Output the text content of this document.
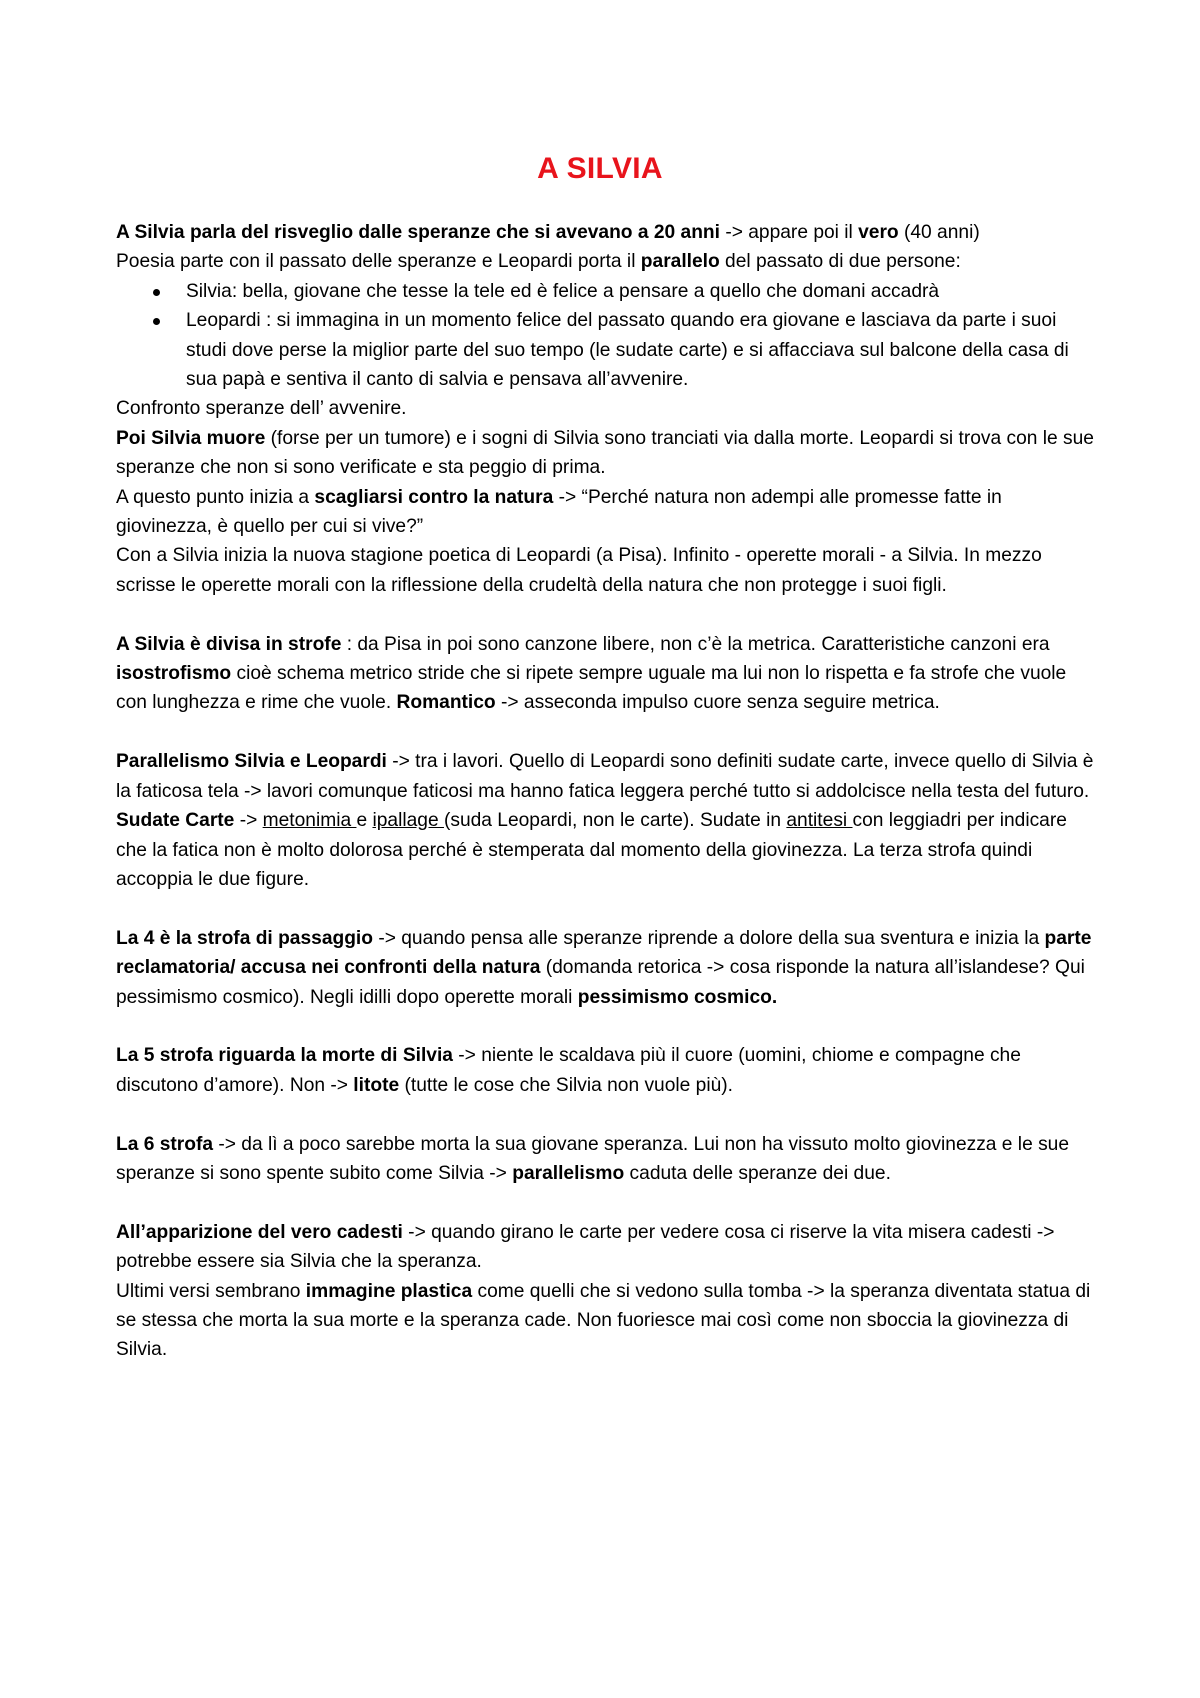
A SILVIA

A Silvia parla del risveglio dalle speranze che si avevano a 20 anni -> appare poi il vero (40 anni)

Poesia parte con il passato delle speranze e Leopardi porta il parallelo del passato di due persone:

Silvia: bella, giovane che tesse la tele ed è felice a pensare a quello che domani accadrà
Leopardi : si immagina in un momento felice del passato quando era giovane e lasciava da parte i suoi studi dove perse la miglior parte del suo tempo (le sudate carte) e si affacciava sul balcone della casa di sua papà e sentiva il canto di salvia e pensava all’avvenire.

Confronto speranze dell’ avvenire.

Poi Silvia muore (forse per un tumore) e i sogni di Silvia sono tranciati via dalla morte. Leopardi si trova con le sue speranze che non si sono verificate e sta peggio di prima.

A questo punto inizia a scagliarsi contro la natura -> “Perché natura non adempi alle promesse fatte in giovinezza, è quello per cui si vive?”

Con a Silvia inizia la nuova stagione poetica di Leopardi (a Pisa). Infinito - operette morali - a Silvia. In mezzo scrisse le operette morali con la riflessione della crudeltà della natura che non protegge i suoi figli.

A Silvia è divisa in strofe : da Pisa in poi sono canzone libere, non c’è la metrica. Caratteristiche canzoni era isostrofismo cioè schema metrico stride che si ripete sempre uguale ma lui non lo rispetta e fa strofe che vuole con lunghezza e rime che vuole. Romantico -> asseconda impulso cuore senza seguire metrica.

Parallelismo Silvia e Leopardi -> tra i lavori. Quello di Leopardi sono definiti sudate carte, invece quello di Silvia è la faticosa tela -> lavori comunque faticosi ma hanno fatica leggera perché tutto si addolcisce nella testa del futuro.

Sudate Carte -> metonimia e ipallage (suda Leopardi, non le carte). Sudate in antitesi con leggiadri per indicare che la fatica non è molto dolorosa perché è stemperata dal momento della giovinezza. La terza strofa quindi accoppia le due figure.

La 4 è la strofa di passaggio -> quando pensa alle speranze riprende a dolore della sua sventura e inizia la parte reclamatoria/ accusa nei confronti della natura (domanda retorica -> cosa risponde la natura all’islandese? Qui pessimismo cosmico). Negli idilli dopo operette morali pessimismo cosmico.

La 5 strofa riguarda la morte di Silvia -> niente le scaldava più il cuore (uomini, chiome e compagne che discutono d’amore). Non -> litote (tutte le cose che Silvia non vuole più).

La 6 strofa -> da lì a poco sarebbe morta la sua giovane speranza. Lui non ha vissuto molto giovinezza e le sue speranze si sono spente subito come Silvia -> parallelismo caduta delle speranze dei due.

All’apparizione del vero cadesti -> quando girano le carte per vedere cosa ci riserve la vita misera cadesti -> potrebbe essere sia Silvia che la speranza.

Ultimi versi sembrano immagine plastica come quelli che si vedono sulla tomba -> la speranza diventata statua di se stessa che morta la sua morte e la speranza cade. Non fuoriesce mai così come non sboccia la giovinezza di Silvia.
